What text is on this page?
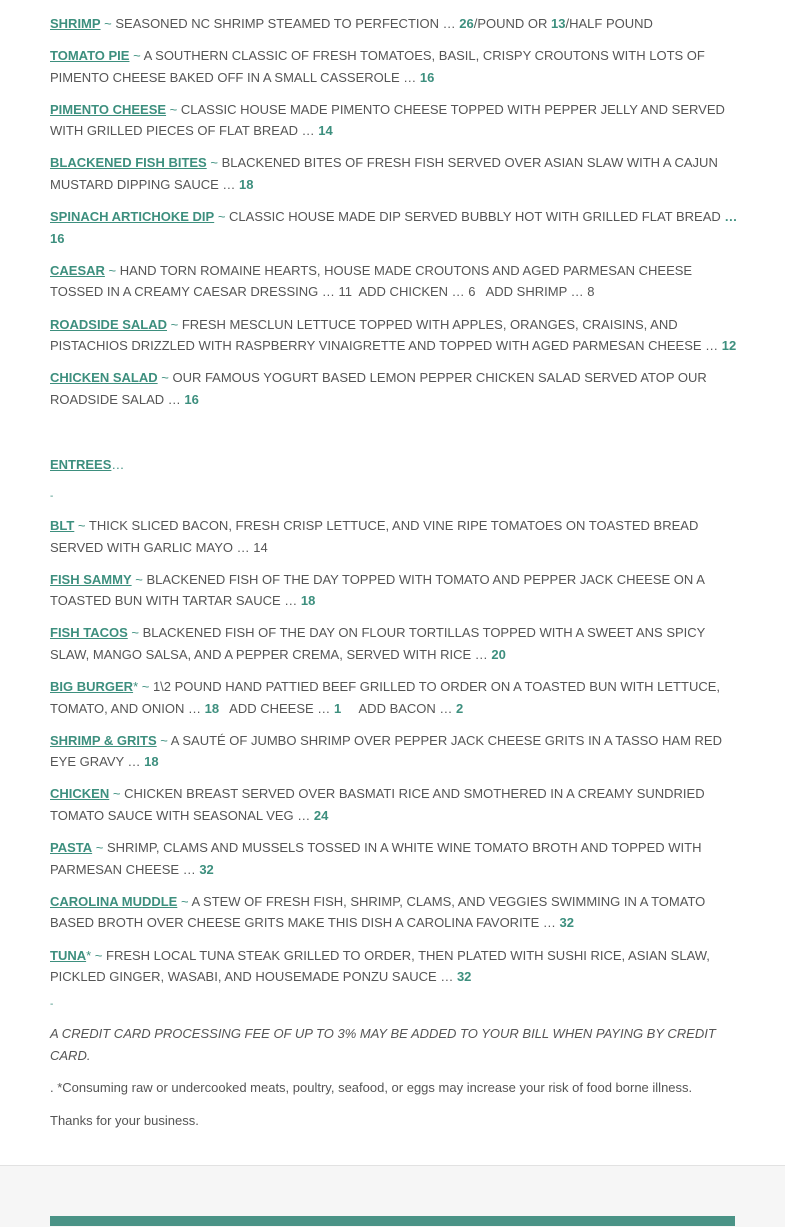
SHRIMP ~ SEASONED NC SHRIMP STEAMED TO PERFECTION … 26/POUND OR 13/HALF POUND
TOMATO PIE ~ A SOUTHERN CLASSIC OF FRESH TOMATOES, BASIL, CRISPY CROUTONS WITH LOTS OF PIMENTO CHEESE BAKED OFF IN A SMALL CASSEROLE … 16
PIMENTO CHEESE ~ CLASSIC HOUSE MADE PIMENTO CHEESE TOPPED WITH PEPPER JELLY AND SERVED WITH GRILLED PIECES OF FLAT BREAD … 14
BLACKENED FISH BITES ~ BLACKENED BITES OF FRESH FISH SERVED OVER ASIAN SLAW WITH A CAJUN MUSTARD DIPPING SAUCE … 18
SPINACH ARTICHOKE DIP ~ CLASSIC HOUSE MADE DIP SERVED BUBBLY HOT WITH GRILLED FLAT BREAD …16
CAESAR ~ HAND TORN ROMAINE HEARTS, HOUSE MADE CROUTONS AND AGED PARMESAN CHEESE TOSSED IN A CREAMY CAESAR DRESSING … 11  ADD CHICKEN … 6   ADD SHRIMP … 8
ROADSIDE SALAD ~ FRESH MESCLUN LETTUCE TOPPED WITH APPLES, ORANGES, CRAISINS, AND PISTACHIOS DRIZZLED WITH RASPBERRY VINAIGRETTE AND TOPPED WITH AGED PARMESAN CHEESE … 12
CHICKEN SALAD ~ OUR FAMOUS YOGURT BASED LEMON PEPPER CHICKEN SALAD SERVED ATOP OUR ROADSIDE SALAD … 16
ENTREES…
-
BLT ~ THICK SLICED BACON, FRESH CRISP LETTUCE, AND VINE RIPE TOMATOES ON TOASTED BREAD SERVED WITH GARLIC MAYO … 14
FISH SAMMY ~ BLACKENED FISH OF THE DAY TOPPED WITH TOMATO AND PEPPER JACK CHEESE ON A TOASTED BUN WITH TARTAR SAUCE … 18
FISH TACOS ~ BLACKENED FISH OF THE DAY ON FLOUR TORTILLAS TOPPED WITH A SWEET ANS SPICY SLAW, MANGO SALSA, AND A PEPPER CREMA, SERVED WITH RICE … 20
BIG BURGER* ~ 1\2 POUND HAND PATTIED BEEF GRILLED TO ORDER ON A TOASTED BUN WITH LETTUCE, TOMATO, AND ONION … 18   ADD CHEESE … 1     ADD BACON … 2
SHRIMP & GRITS ~ A SAUTÉ OF JUMBO SHRIMP OVER PEPPER JACK CHEESE GRITS IN A TASSO HAM RED EYE GRAVY … 18
CHICKEN ~ CHICKEN BREAST SERVED OVER BASMATI RICE AND SMOTHERED IN A CREAMY SUNDRIED TOMATO SAUCE WITH SEASONAL VEG … 24
PASTA ~ SHRIMP, CLAMS AND MUSSELS TOSSED IN A WHITE WINE TOMATO BROTH AND TOPPED WITH PARMESAN CHEESE … 32
CAROLINA MUDDLE ~ A STEW OF FRESH FISH, SHRIMP, CLAMS, AND VEGGIES SWIMMING IN A TOMATO BASED BROTH OVER CHEESE GRITS MAKE THIS DISH A CAROLINA FAVORITE … 32
TUNA* ~ FRESH LOCAL TUNA STEAK GRILLED TO ORDER, THEN PLATED WITH SUSHI RICE, ASIAN SLAW, PICKLED GINGER, WASABI, AND HOUSEMADE PONZU SAUCE … 32
-
A CREDIT CARD PROCESSING FEE OF UP TO 3% MAY BE ADDED TO YOUR BILL WHEN PAYING BY CREDIT CARD.
. *Consuming raw or undercooked meats, poultry, seafood, or eggs may increase your risk of food borne illness.
Thanks for your business.
